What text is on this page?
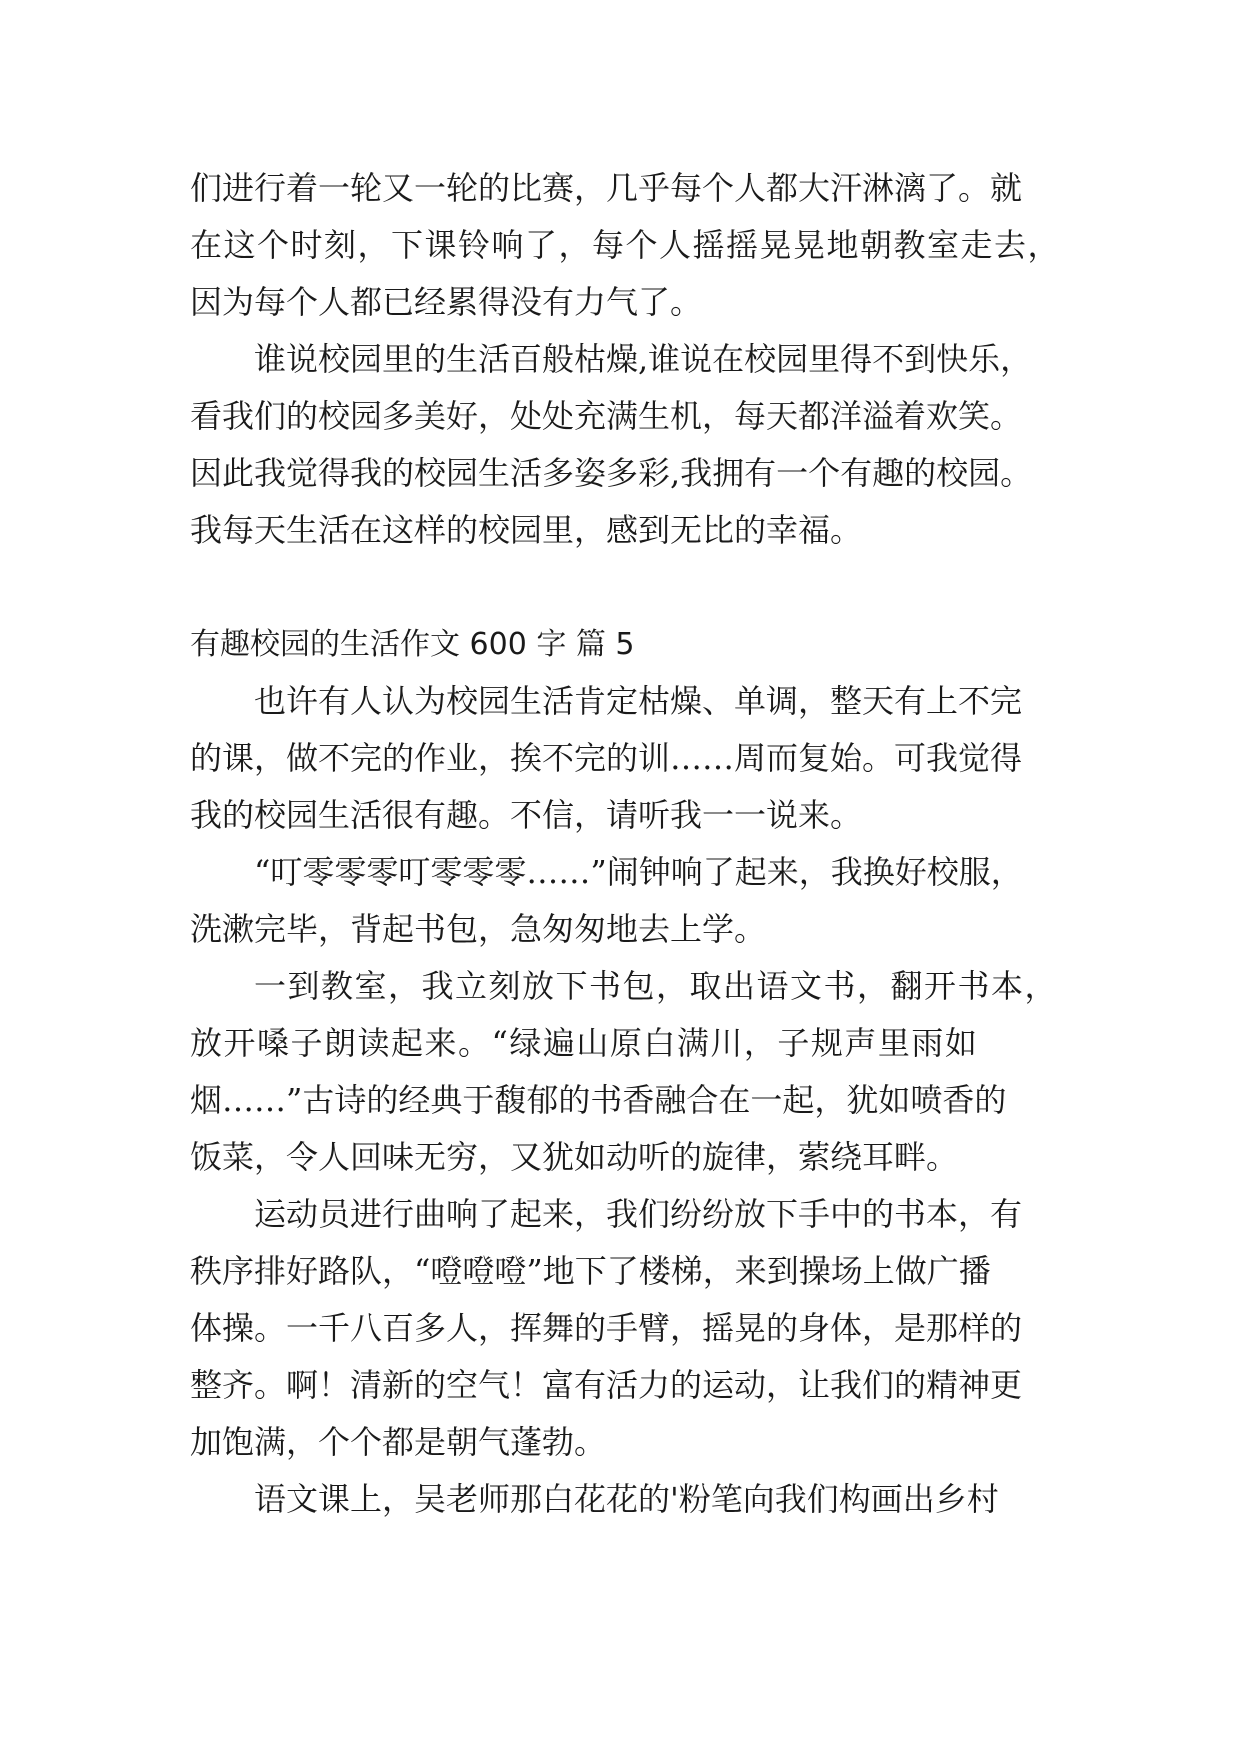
们进行着一轮又一轮的比赛，几乎每个人都大汗淋漓了。就
在这个时刻，下课铃响了，每个人摇摇晃晃地朝教室走去，
因为每个人都已经累得没有力气了。
谁说校园里的生活百般枯燥,谁说在校园里得不到快乐，
看我们的校园多美好，处处充满生机，每天都洋溢着欢笑。
因此我觉得我的校园生活多姿多彩,我拥有一个有趣的校园。
我每天生活在这样的校园里，感到无比的幸福。
有趣校园的生活作文 600 字 篇 5
也许有人认为校园生活肯定枯燥、单调，整天有上不完
的课，做不完的作业，挨不完的训……周而复始。可我觉得
我的校园生活很有趣。不信，请听我一一说来。
“叮零零零叮零零零……”闹钟响了起来，我换好校服，
洗漱完毕，背起书包，急匆匆地去上学。
一到教室，我立刻放下书包，取出语文书，翻开书本，
放开嗓子朗读起来。“绿遍山原白满川，子规声里雨如
烟……”古诗的经典于馥郁的书香融合在一起，犹如喷香的
饭菜，令人回味无穷，又犹如动听的旋律，萦绕耳畔。
运动员进行曲响了起来，我们纷纷放下手中的书本，有
秩序排好路队，“噔噔噔”地下了楼梯，来到操场上做广播
体操。一千八百多人，挥舞的手臂，摇晃的身体，是那样的
整齐。啊！清新的空气！富有活力的运动，让我们的精神更
加饱满，个个都是朝气蓬勃。
语文课上，吴老师那白花花的'粉笔向我们构画出乡村
